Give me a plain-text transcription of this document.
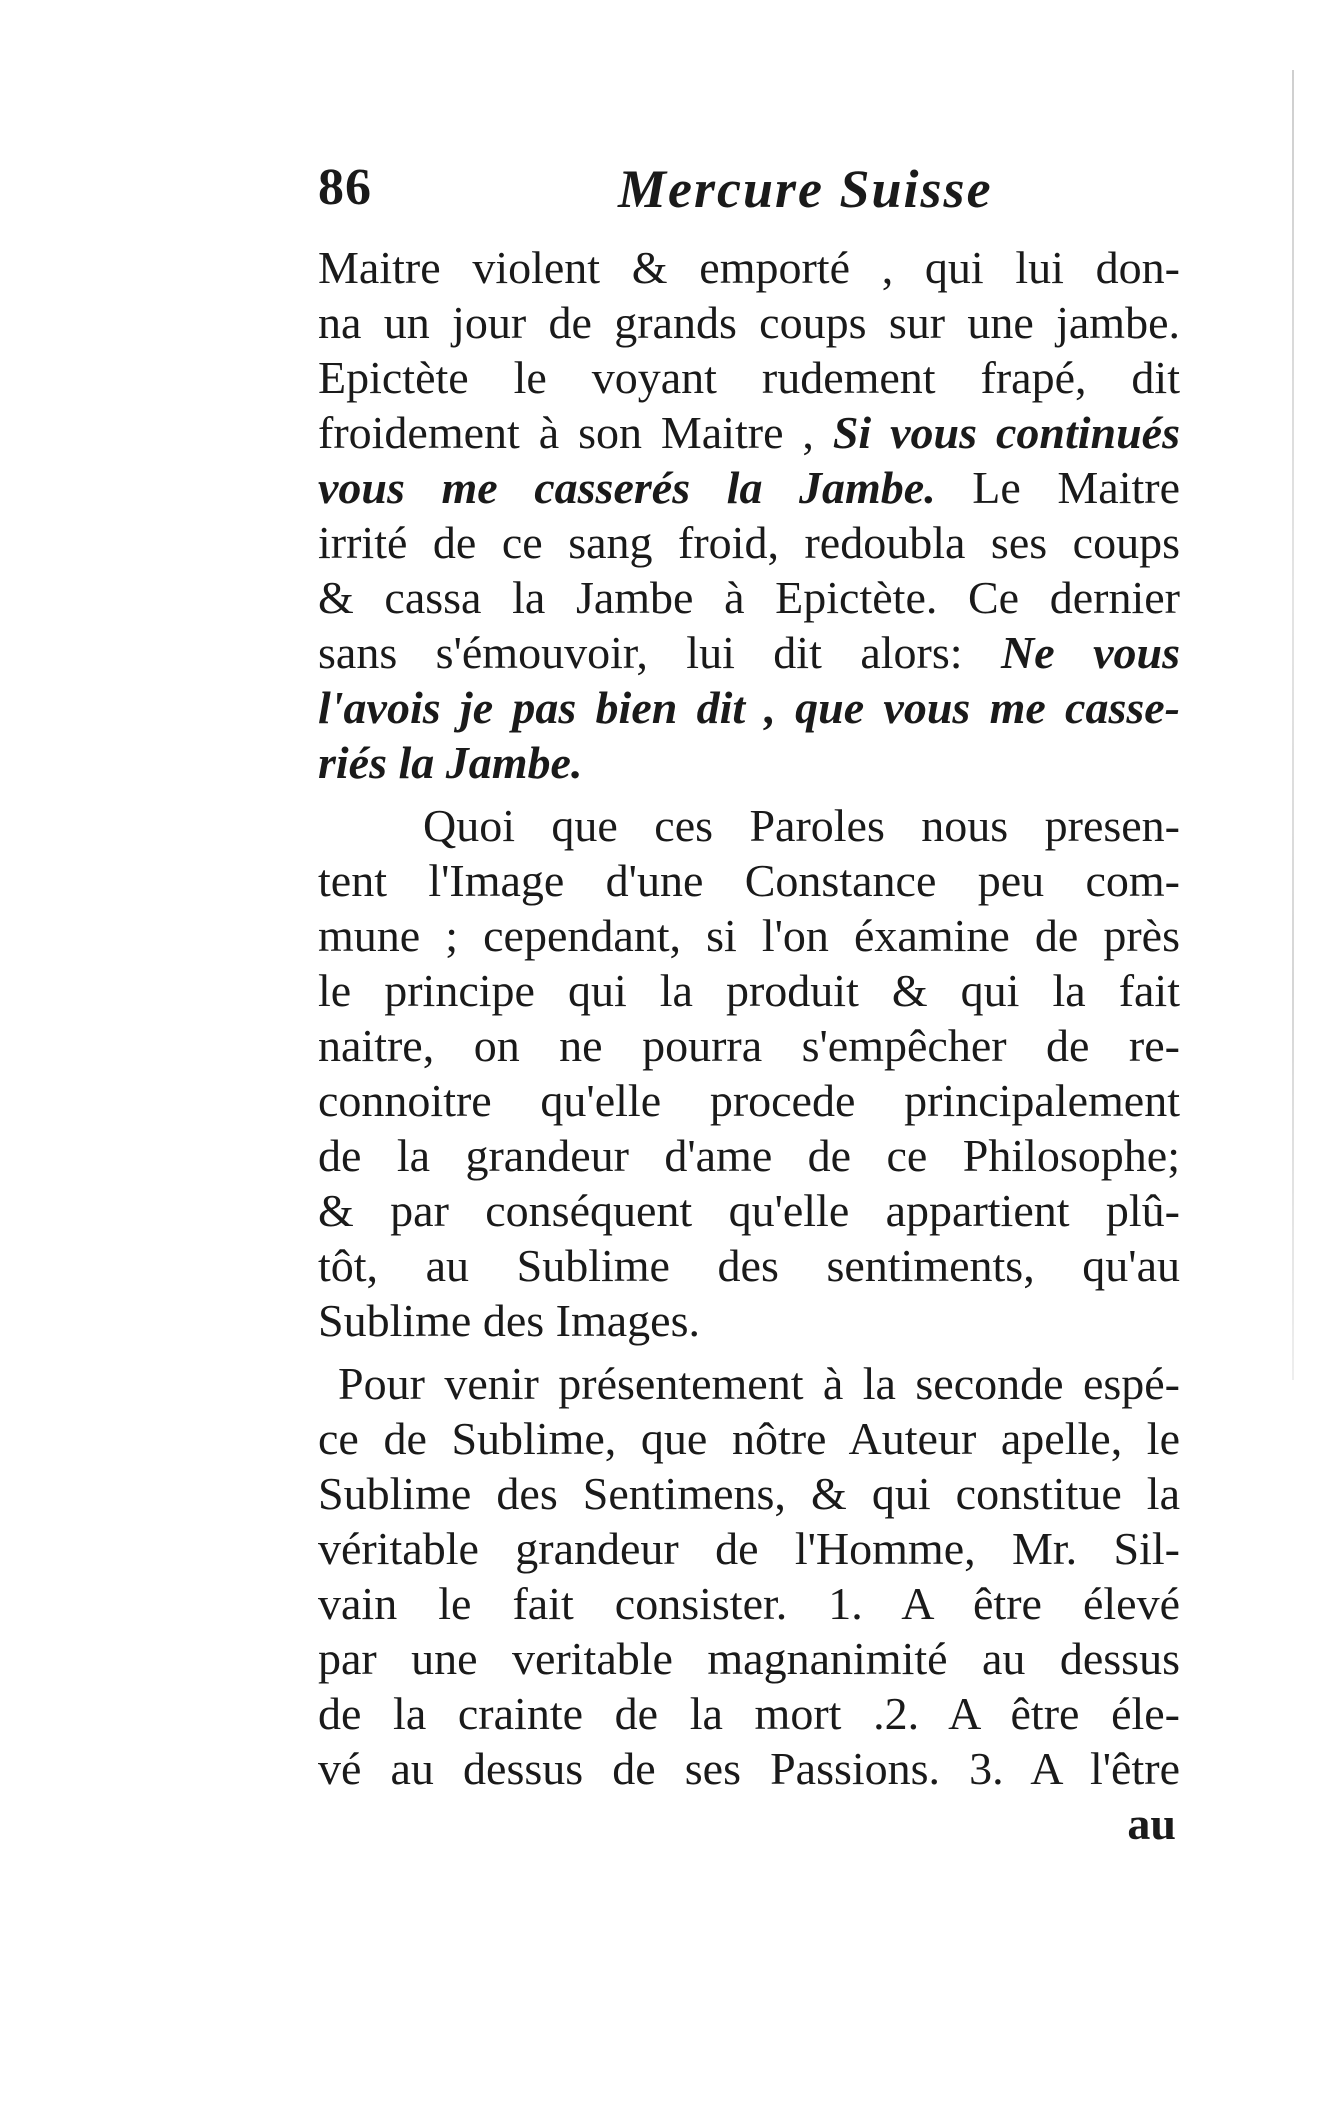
86	Mercure Suisse
Maitre violent & emporté , qui lui don-
na un jour de grands coups sur une jambe.
Epictète le voyant rudement frapé, dit
froidement à son Maitre , Si vous continués
vous me casserés la Jambe. Le Maitre
irrité de ce sang froid, redoubla ses coups
& cassa la Jambe à Epictète. Ce dernier
sans s'émouvoir, lui dit alors: Ne vous
l'avois je pas bien dit , que vous me casse-
riés la Jambe.
Quoi que ces Paroles nous presen-
tent l'Image d'une Constance peu com-
mune ; cependant, si l'on éxamine de près
le principe qui la produit & qui la fait
naitre, on ne pourra s'empêcher de re-
connoitre qu'elle procede principalement
de la grandeur d'ame de ce Philosophe;
& par conséquent qu'elle appartient plû-
tôt, au Sublime des sentiments, qu'au
Sublime des Images.
Pour venir présentement à la seconde espé-
ce de Sublime, que nôtre Auteur apelle, le
Sublime des Sentimens, & qui constitue la
véritable grandeur de l'Homme, Mr. Sil-
vain le fait consister. 1. A être élevé
par une veritable magnanimité au dessus
de la crainte de la mort .2. A être éle-
vé au dessus de ses Passions. 3. A l'être
au
